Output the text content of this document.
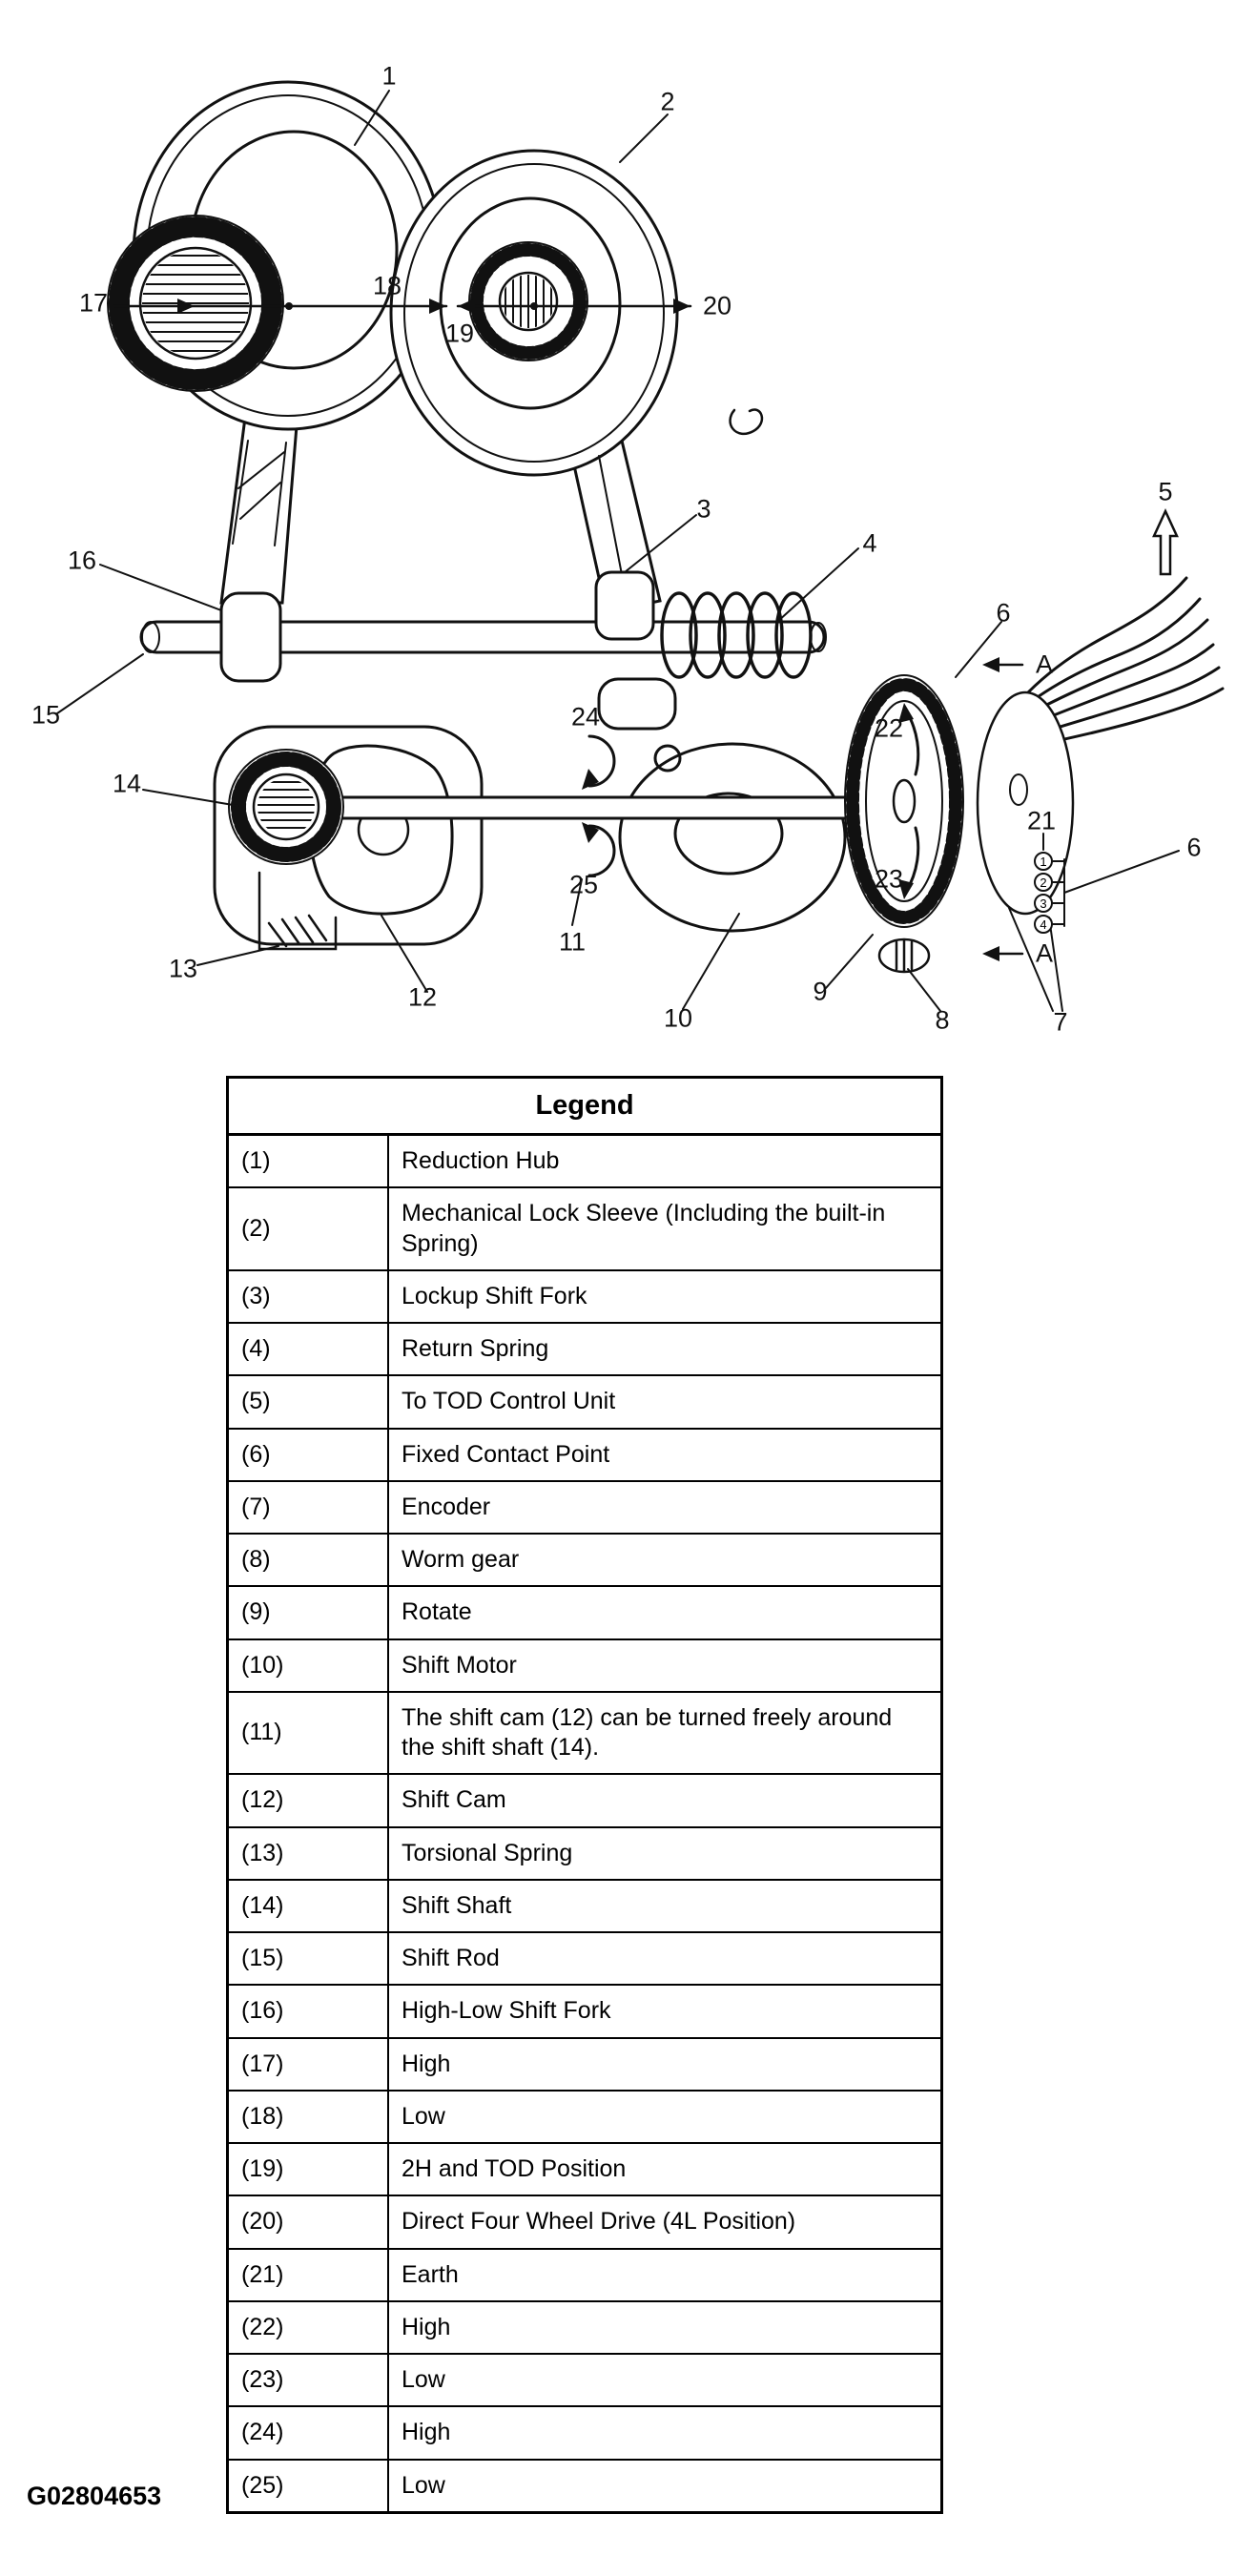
1
2
17
18
19
20
3
4
5
16
15
14
13
12
11
24
25
10
9
8	7
6
6
21
22
23
A
A
1
2
3
4
Legend	
(1)	Reduction Hub
(2)	Mechanical Lock Sleeve (Including the built-in Spring)
(3)	Lockup Shift Fork
(4)	Return Spring
(5)	To TOD Control Unit
(6)	Fixed Contact Point
(7)	Encoder
(8)	Worm gear
(9)	Rotate
(10)	Shift Motor
(11)	The shift cam (12) can be turned freely around the shift shaft (14).
(12)	Shift Cam
(13)	Torsional Spring
(14)	Shift Shaft
(15)	Shift Rod
(16)	High-Low Shift Fork
(17)	High
(18)	Low
(19)	2H and TOD Position
(20)	Direct Four Wheel Drive (4L Position)
(21)	Earth
(22)	High
(23)	Low
(24)	High
(25)	Low
G02804653
